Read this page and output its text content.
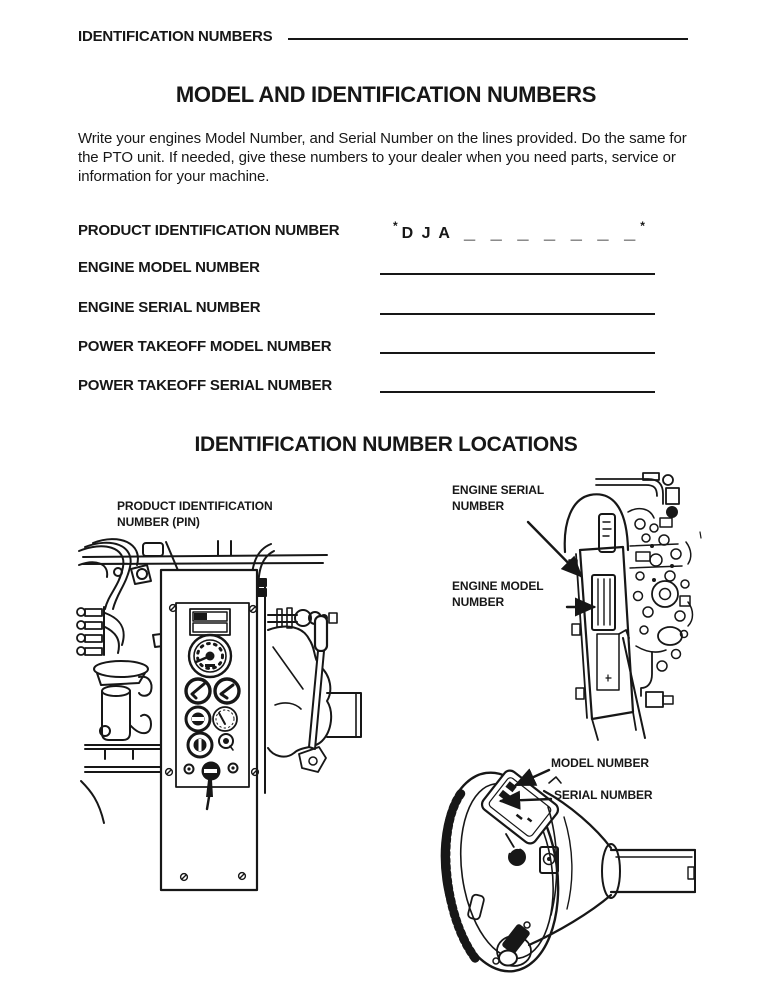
IDENTIFICATION NUMBERS
MODEL AND IDENTIFICATION NUMBERS

Write your engines Model Number, and Serial Number on the lines provided. Do the same for the PTO unit. If needed, give these numbers to your dealer when you need parts, service or information for your machine.

PRODUCT IDENTIFICATION NUMBER	* D J A _ _ _ _ _ _ _*
ENGINE MODEL NUMBER
ENGINE SERIAL NUMBER
POWER TAKEOFF MODEL NUMBER
POWER TAKEOFF SERIAL NUMBER
IDENTIFICATION NUMBER LOCATIONS
PRODUCT IDENTIFICATION NUMBER (PIN)
ENGINE SERIAL NUMBER
ENGINE MODEL NUMBER
MODEL NUMBER
SERIAL NUMBER
